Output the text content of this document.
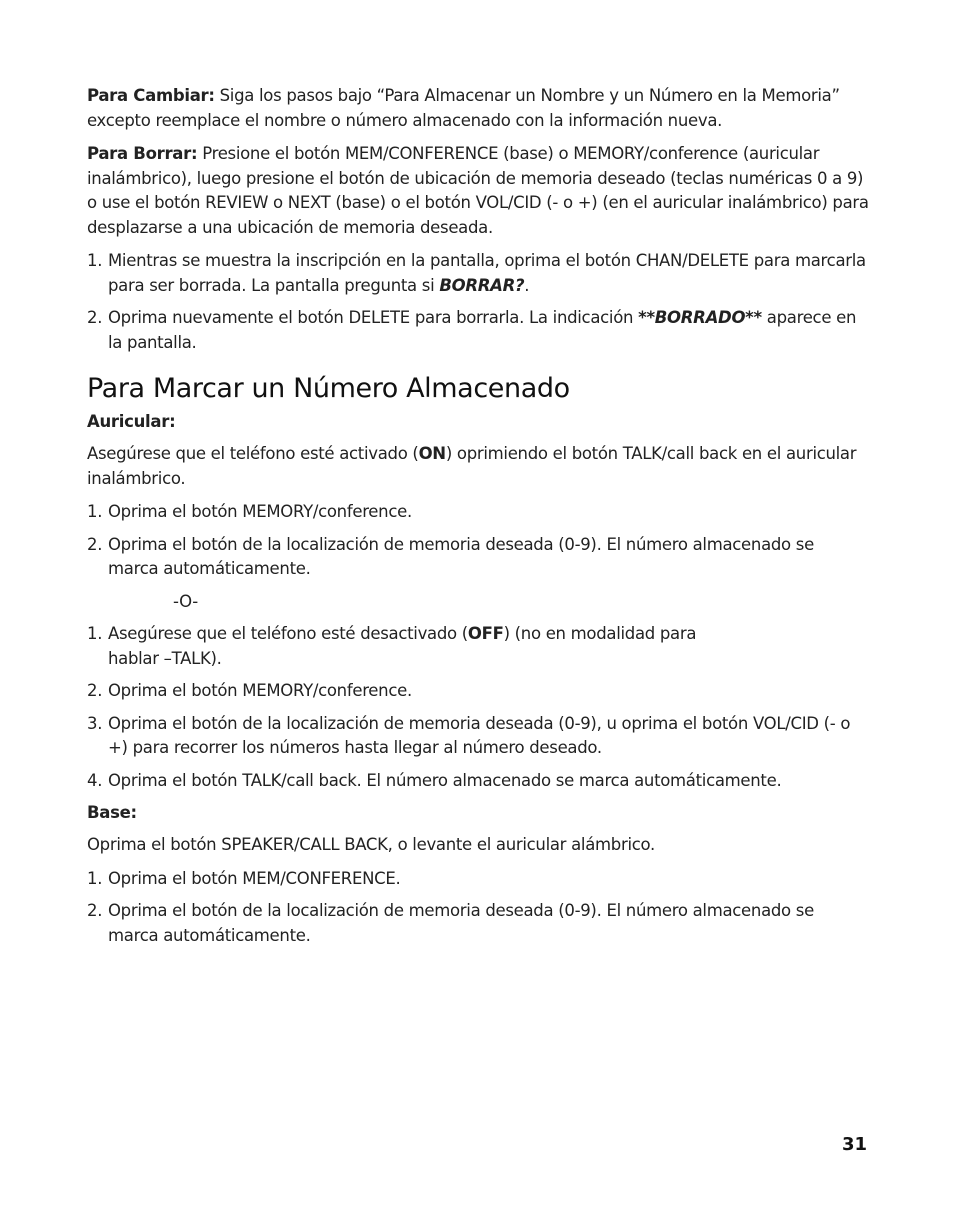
Para Cambiar: Siga los pasos bajo “Para Almacenar un Nombre y un Número en la Memoria” excepto reemplace el nombre o número almacenado con la información nueva.

Para Borrar: Presione el botón MEM/CONFERENCE (base) o MEMORY/conference (auricular inalámbrico), luego presione el botón de ubicación de memoria deseado (teclas numéricas 0 a 9) o use el botón REVIEW o NEXT (base) o el botón VOL/CID (- o +) (en el auricular inalámbrico) para desplazarse a una ubicación de memoria deseada.

1. Mientras se muestra la inscripción en la pantalla, oprima el botón CHAN/DELETE para marcarla para ser borrada. La pantalla pregunta si BORRAR?.
2. Oprima nuevamente el botón DELETE para borrarla. La indicación **BORRADO** aparece en la pantalla.
Para Marcar un Número Almacenado
Auricular:

Asegúrese que el teléfono esté activado (ON) oprimiendo el botón TALK/call back en el auricular inalámbrico.

1. Oprima el botón MEMORY/conference.
2. Oprima el botón de la localización de memoria deseada (0-9). El número almacenado se marca automáticamente.

-O-

1. Asegúrese que el teléfono esté desactivado (OFF) (no en modalidad para
hablar –TALK).
2. Oprima el botón MEMORY/conference.
3. Oprima el botón de la localización de memoria deseada (0-9), u oprima el botón VOL/CID (- o +) para recorrer los números hasta llegar al número deseado.
4. Oprima el botón TALK/call back. El número almacenado se marca automáticamente.
Base:

Oprima el botón SPEAKER/CALL BACK, o levante el auricular alámbrico.

1. Oprima el botón MEM/CONFERENCE.
2. Oprima el botón de la localización de memoria deseada (0-9). El número almacenado se marca automáticamente.
31
